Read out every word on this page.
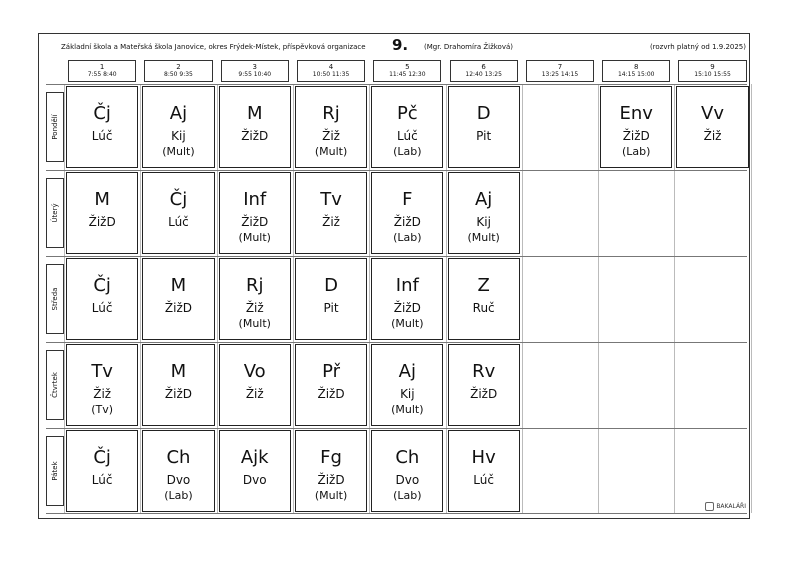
Základní škola a Mateřská škola Janovice, okres Frýdek-Místek, příspěvková organizace 9. (Mgr. Drahomíra Žižková)	(rozvrh platný od 1.9.2025)
1
7:55 8:40
2
8:50 9:35
3
9:55 10:40
4
10:50 11:35
5
11:45 12:30
6
12:40 13:25
7
13:25 14:15
8
14:15 15:00
9
15:10 15:55
Pondělí
Čj
Lúč
Aj
Kij
(Mult)
M
ŽižD
Rj
Žiž
(Mult)
Pč
Lúč
(Lab)
D
Pit
Env
ŽižD
(Lab)
Vv
Žiž
Úterý
M
ŽižD
Čj
Lúč
Inf
ŽižD
(Mult)
Tv
Žiž
F
ŽižD
(Lab)
Aj
Kij
(Mult)
Středa
Čj
Lúč
M
ŽižD
Rj
Žiž
(Mult)
D
Pit
Inf
ŽižD
(Mult)
Z
Ruč
Čtvrtek
Tv
Žiž
(Tv)
M
ŽižD
Vo
Žiž
Př
ŽižD
Aj
Kij
(Mult)
Rv
ŽižD
Pátek
Čj
Lúč
Ch
Dvo
(Lab)
Ajk
Dvo
Fg
ŽižD
(Mult)
Ch
Dvo
(Lab)
Hv
Lúč
BAKALÁŘI
